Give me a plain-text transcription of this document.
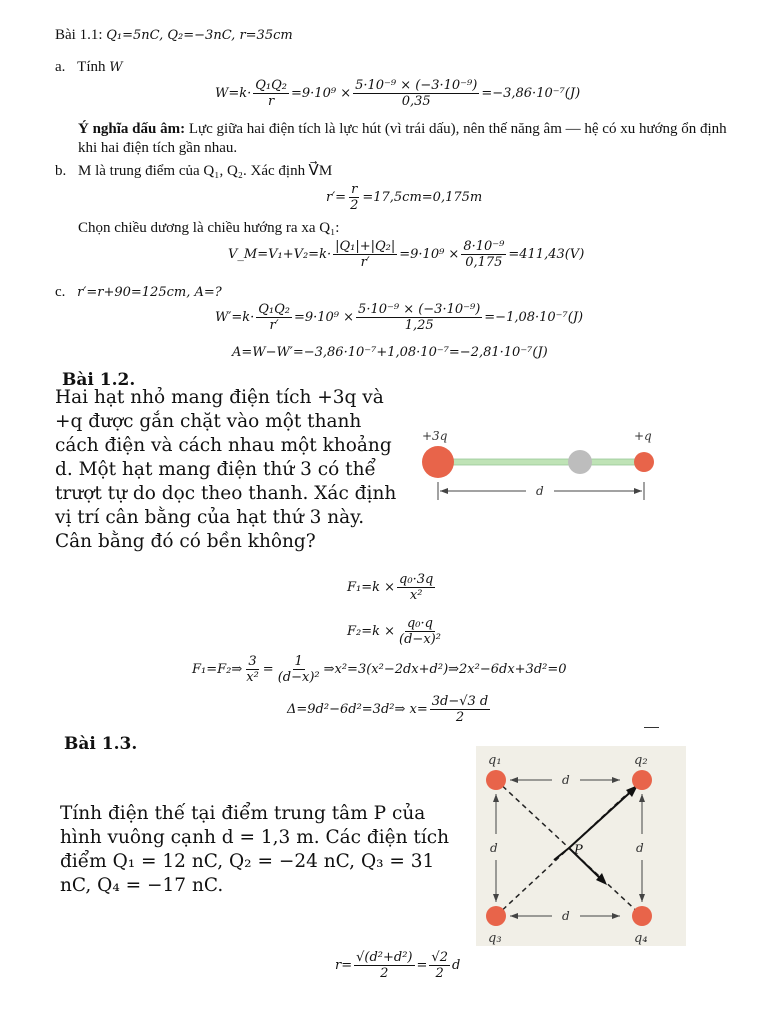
Bài 1.1: Q₁=5nC, Q₂=−3nC, r=35cm
a. Tính W
$W=k\cdot \frac{\text{Q₁Q₂}}{r} =9\cdot 10^9 \times \frac{\text{5·10⁻⁹ × (−3·10⁻⁹)}}{0,35} =-3,86\cdot 10^{-7}(J)$
Ý nghĩa dấu âm: Lực giữa hai điện tích là lực hút (vì trái dấu), nên thế năng âm — hệ có xu hướng ổn định khi hai điện tích gần nhau.
b. M là trung điểm của Q₁, Q₂. Xác định V⃗M
$r'= \frac{r}{2} =17,5cm=0,175m$
Chọn chiều dương là chiều hướng ra xa Q₁:
V_M=V₁+V₂=k· $\frac{\text{|Q₁|+|Q₂|}}{r'} =9\cdot 10^9 \times \frac{\text{8·10⁻⁹}}{0,175} =411,43(V)$
c. r′=r+90=125cm, A=?
$W'=k\cdot \frac{\text{Q₁Q₂}}{r'} =9\cdot 10^9 \times \frac{\text{5·10⁻⁹ × (−3·10⁻⁹)}}{1,25} =-1,08\cdot 10^{-7}(J)$
A=W−W′=−3,86·10⁻⁷+1,08·10⁻⁷=−2,81·10⁻⁷(J)
Bài 1.2.
Hai hạt nhỏ mang điện tích +3q và +q được gắn chặt vào một thanh cách điện và cách nhau một khoảng d. Một hạt mang điện thứ 3 có thể trượt tự do dọc theo thanh. Xác định vị trí cân bằng của hạt thứ 3 này. Cân bằng đó có bền không?
+3q	+q
d
$F_1=k \times \frac{\text{q₀·3q}}{\text{x²}}$
$F_2=k \times \frac{\text{q₀·q}}{\text{(d−x)²}}$
F₁=F₂⇒ $\frac{3}{\text{x²}} = \frac{1}{\text{(d−x)²}}$ ⇒x²=3(x²−2dx+d²)⇒2x²−6dx+3d²=0
Δ=9d²−6d²=3d²⇒ $x= \frac{3d-√3 d}{2}$
Bài 1.3.
Tính điện thế tại điểm trung tâm P của hình vuông cạnh d = 1,3 m. Các điện tích điểm Q₁ = 12 nC, Q₂ = −24 nC, Q₃ = 31 nC, Q₄ = −17 nC.
q₁	q₂
q₃	q₄
d
d
d	d
P
$r= \frac{\text{√(d²+d²)}}{2} = \frac{√2}{2}$ d
